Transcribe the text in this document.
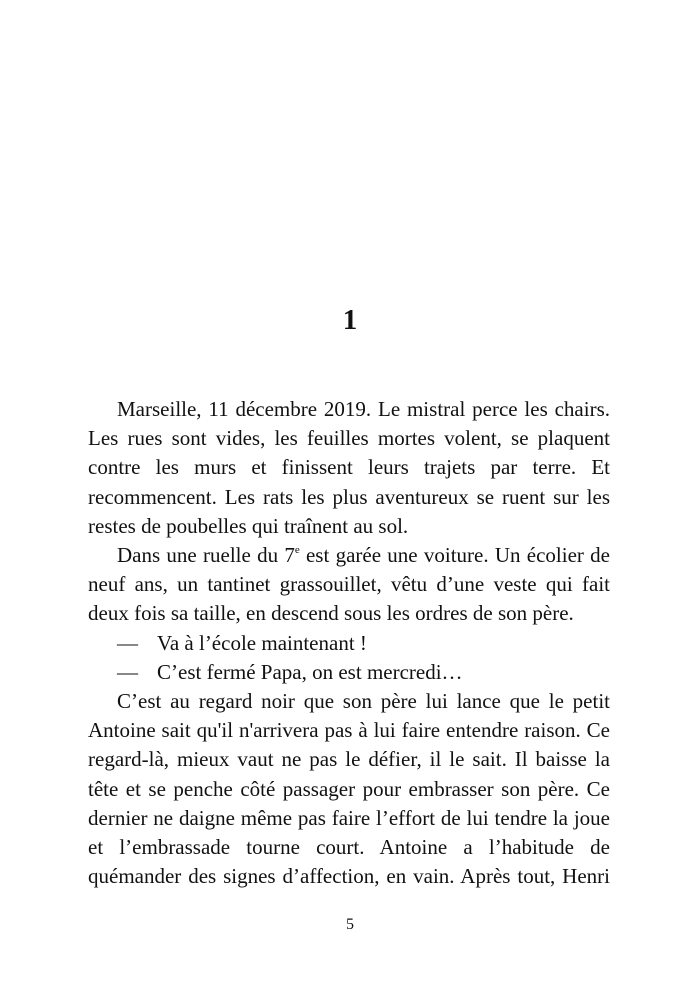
1

Marseille, 11 décembre 2019. Le mistral perce les chairs. Les rues sont vides, les feuilles mortes volent, se plaquent contre les murs et finissent leurs trajets par terre. Et recommencent. Les rats les plus aventureux se ruent sur les restes de poubelles qui traînent au sol.

Dans une ruelle du 7e est garée une voiture. Un écolier de neuf ans, un tantinet grassouillet, vêtu d’une veste qui fait deux fois sa taille, en descend sous les ordres de son père.

— Va à l’école maintenant !

— C’est fermé Papa, on est mercredi…

C’est au regard noir que son père lui lance que le petit Antoine sait qu'il n'arrivera pas à lui faire entendre raison. Ce regard-là, mieux vaut ne pas le défier, il le sait. Il baisse la tête et se penche côté passager pour embrasser son père. Ce dernier ne daigne même pas faire l’effort de lui tendre la joue et l’embrassade tourne court. Antoine a l’habitude de quémander des signes d’affection, en vain. Après tout, Henri

5
